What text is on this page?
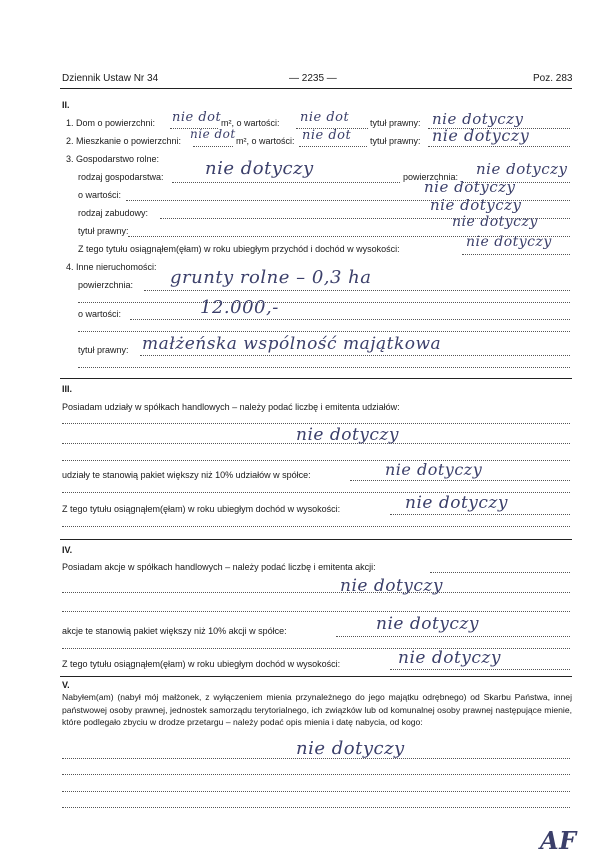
Dziennik Ustaw Nr 34	— 2235 —	Poz. 283
II.
1. Dom o powierzchni: nie dot m², o wartości: nie dot tytuł prawny: nie dotyczy
2. Mieszkanie o powierzchni: nie dot m², o wartości: nie dot tytuł prawny: nie dotyczy
3. Gospodarstwo rolne:
rodzaj gospodarstwa: nie dotyczy	powierzchnia: nie dotyczy
o wartości:	nie dotyczy
rodzaj zabudowy:	nie dotyczy
tytuł prawny:
nie dotyczy
Z tego tytułu osiągnąłem(ęłam) w roku ubiegłym przychód i dochód w wysokości:	nie dotyczy
4. Inne nieruchomości:
powierzchnia: grunty rolne – 0,3 ha
o wartości:	12.000,-
tytuł prawny: małżeńska wspólność majątkowa
III.
Posiadam udziały w spółkach handlowych – należy podać liczbę i emitenta udziałów:
nie dotyczy
udziały te stanowią pakiet większy niż 10% udziałów w spółce:	nie dotyczy
Z tego tytułu osiągnąłem(ęłam) w roku ubiegłym dochód w wysokości:	nie dotyczy
IV.
Posiadam akcje w spółkach handlowych – należy podać liczbę i emitenta akcji:
nie dotyczy
akcje te stanowią pakiet większy niż 10% akcji w spółce:	nie dotyczy
Z tego tytułu osiągnąłem(ęłam) w roku ubiegłym dochód w wysokości:	nie dotyczy
V.
Nabyłem(am) (nabył mój małżonek, z wyłączeniem mienia przynależnego do jego majątku odrębnego) od Skarbu Państwa, innej państwowej osoby prawnej, jednostek samorządu terytorialnego, ich związków lub od komunalnej osoby prawnej następujące mienie, które podlegało zbyciu w drodze przetargu – należy podać opis mienia i datę nabycia, od kogo:
nie dotyczy
AF
